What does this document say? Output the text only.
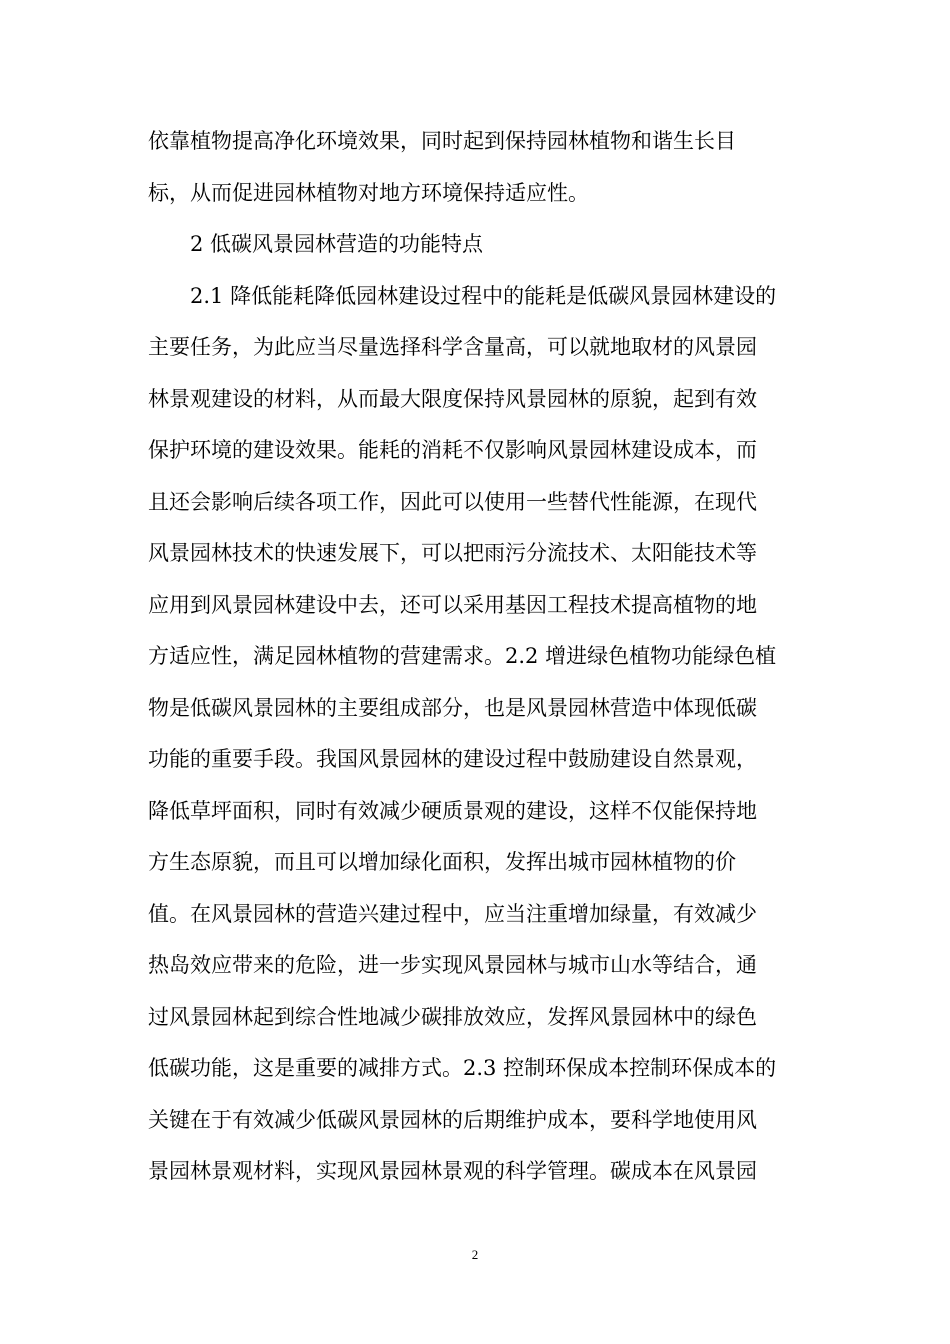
依靠植物提高净化环境效果，同时起到保持园林植物和谐生长目
标，从而促进园林植物对地方环境保持适应性。
2 低碳风景园林营造的功能特点
2.1 降低能耗降低园林建设过程中的能耗是低碳风景园林建设的
主要任务，为此应当尽量选择科学含量高，可以就地取材的风景园
林景观建设的材料，从而最大限度保持风景园林的原貌，起到有效
保护环境的建设效果。能耗的消耗不仅影响风景园林建设成本，而
且还会影响后续各项工作，因此可以使用一些替代性能源，在现代
风景园林技术的快速发展下，可以把雨污分流技术、太阳能技术等
应用到风景园林建设中去，还可以采用基因工程技术提高植物的地
方适应性，满足园林植物的营建需求。2.2 增进绿色植物功能绿色植
物是低碳风景园林的主要组成部分，也是风景园林营造中体现低碳
功能的重要手段。我国风景园林的建设过程中鼓励建设自然景观，
降低草坪面积，同时有效减少硬质景观的建设，这样不仅能保持地
方生态原貌，而且可以增加绿化面积，发挥出城市园林植物的价
值。在风景园林的营造兴建过程中，应当注重增加绿量，有效减少
热岛效应带来的危险，进一步实现风景园林与城市山水等结合，通
过风景园林起到综合性地减少碳排放效应，发挥风景园林中的绿色
低碳功能，这是重要的减排方式。2.3 控制环保成本控制环保成本的
关键在于有效减少低碳风景园林的后期维护成本，要科学地使用风
景园林景观材料，实现风景园林景观的科学管理。碳成本在风景园
2
